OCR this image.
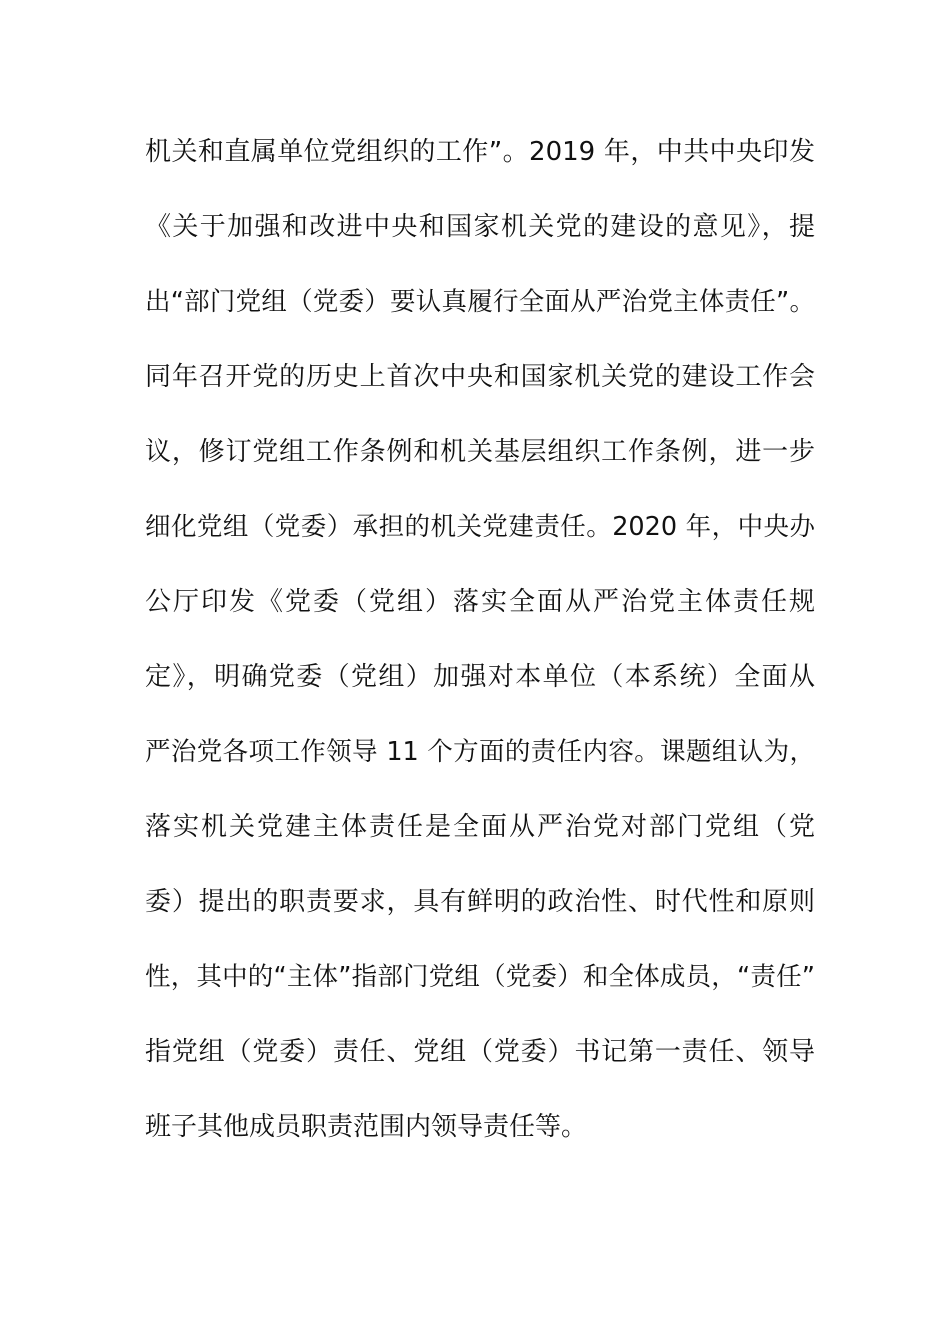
机关和直属单位党组织的工作”。2019 年，中共中央印发
《关于加强和改进中央和国家机关党的建设的意见》，提
出“部门党组（党委）要认真履行全面从严治党主体责任”。
同年召开党的历史上首次中央和国家机关党的建设工作会
议，修订党组工作条例和机关基层组织工作条例，进一步
细化党组（党委）承担的机关党建责任。2020 年，中央办
公厅印发《党委（党组）落实全面从严治党主体责任规
定》，明确党委（党组）加强对本单位（本系统）全面从
严治党各项工作领导 11 个方面的责任内容。课题组认为，
落实机关党建主体责任是全面从严治党对部门党组（党
委）提出的职责要求，具有鲜明的政治性、时代性和原则
性，其中的“主体”指部门党组（党委）和全体成员，“责任”
指党组（党委）责任、党组（党委）书记第一责任、领导
班子其他成员职责范围内领导责任等。
